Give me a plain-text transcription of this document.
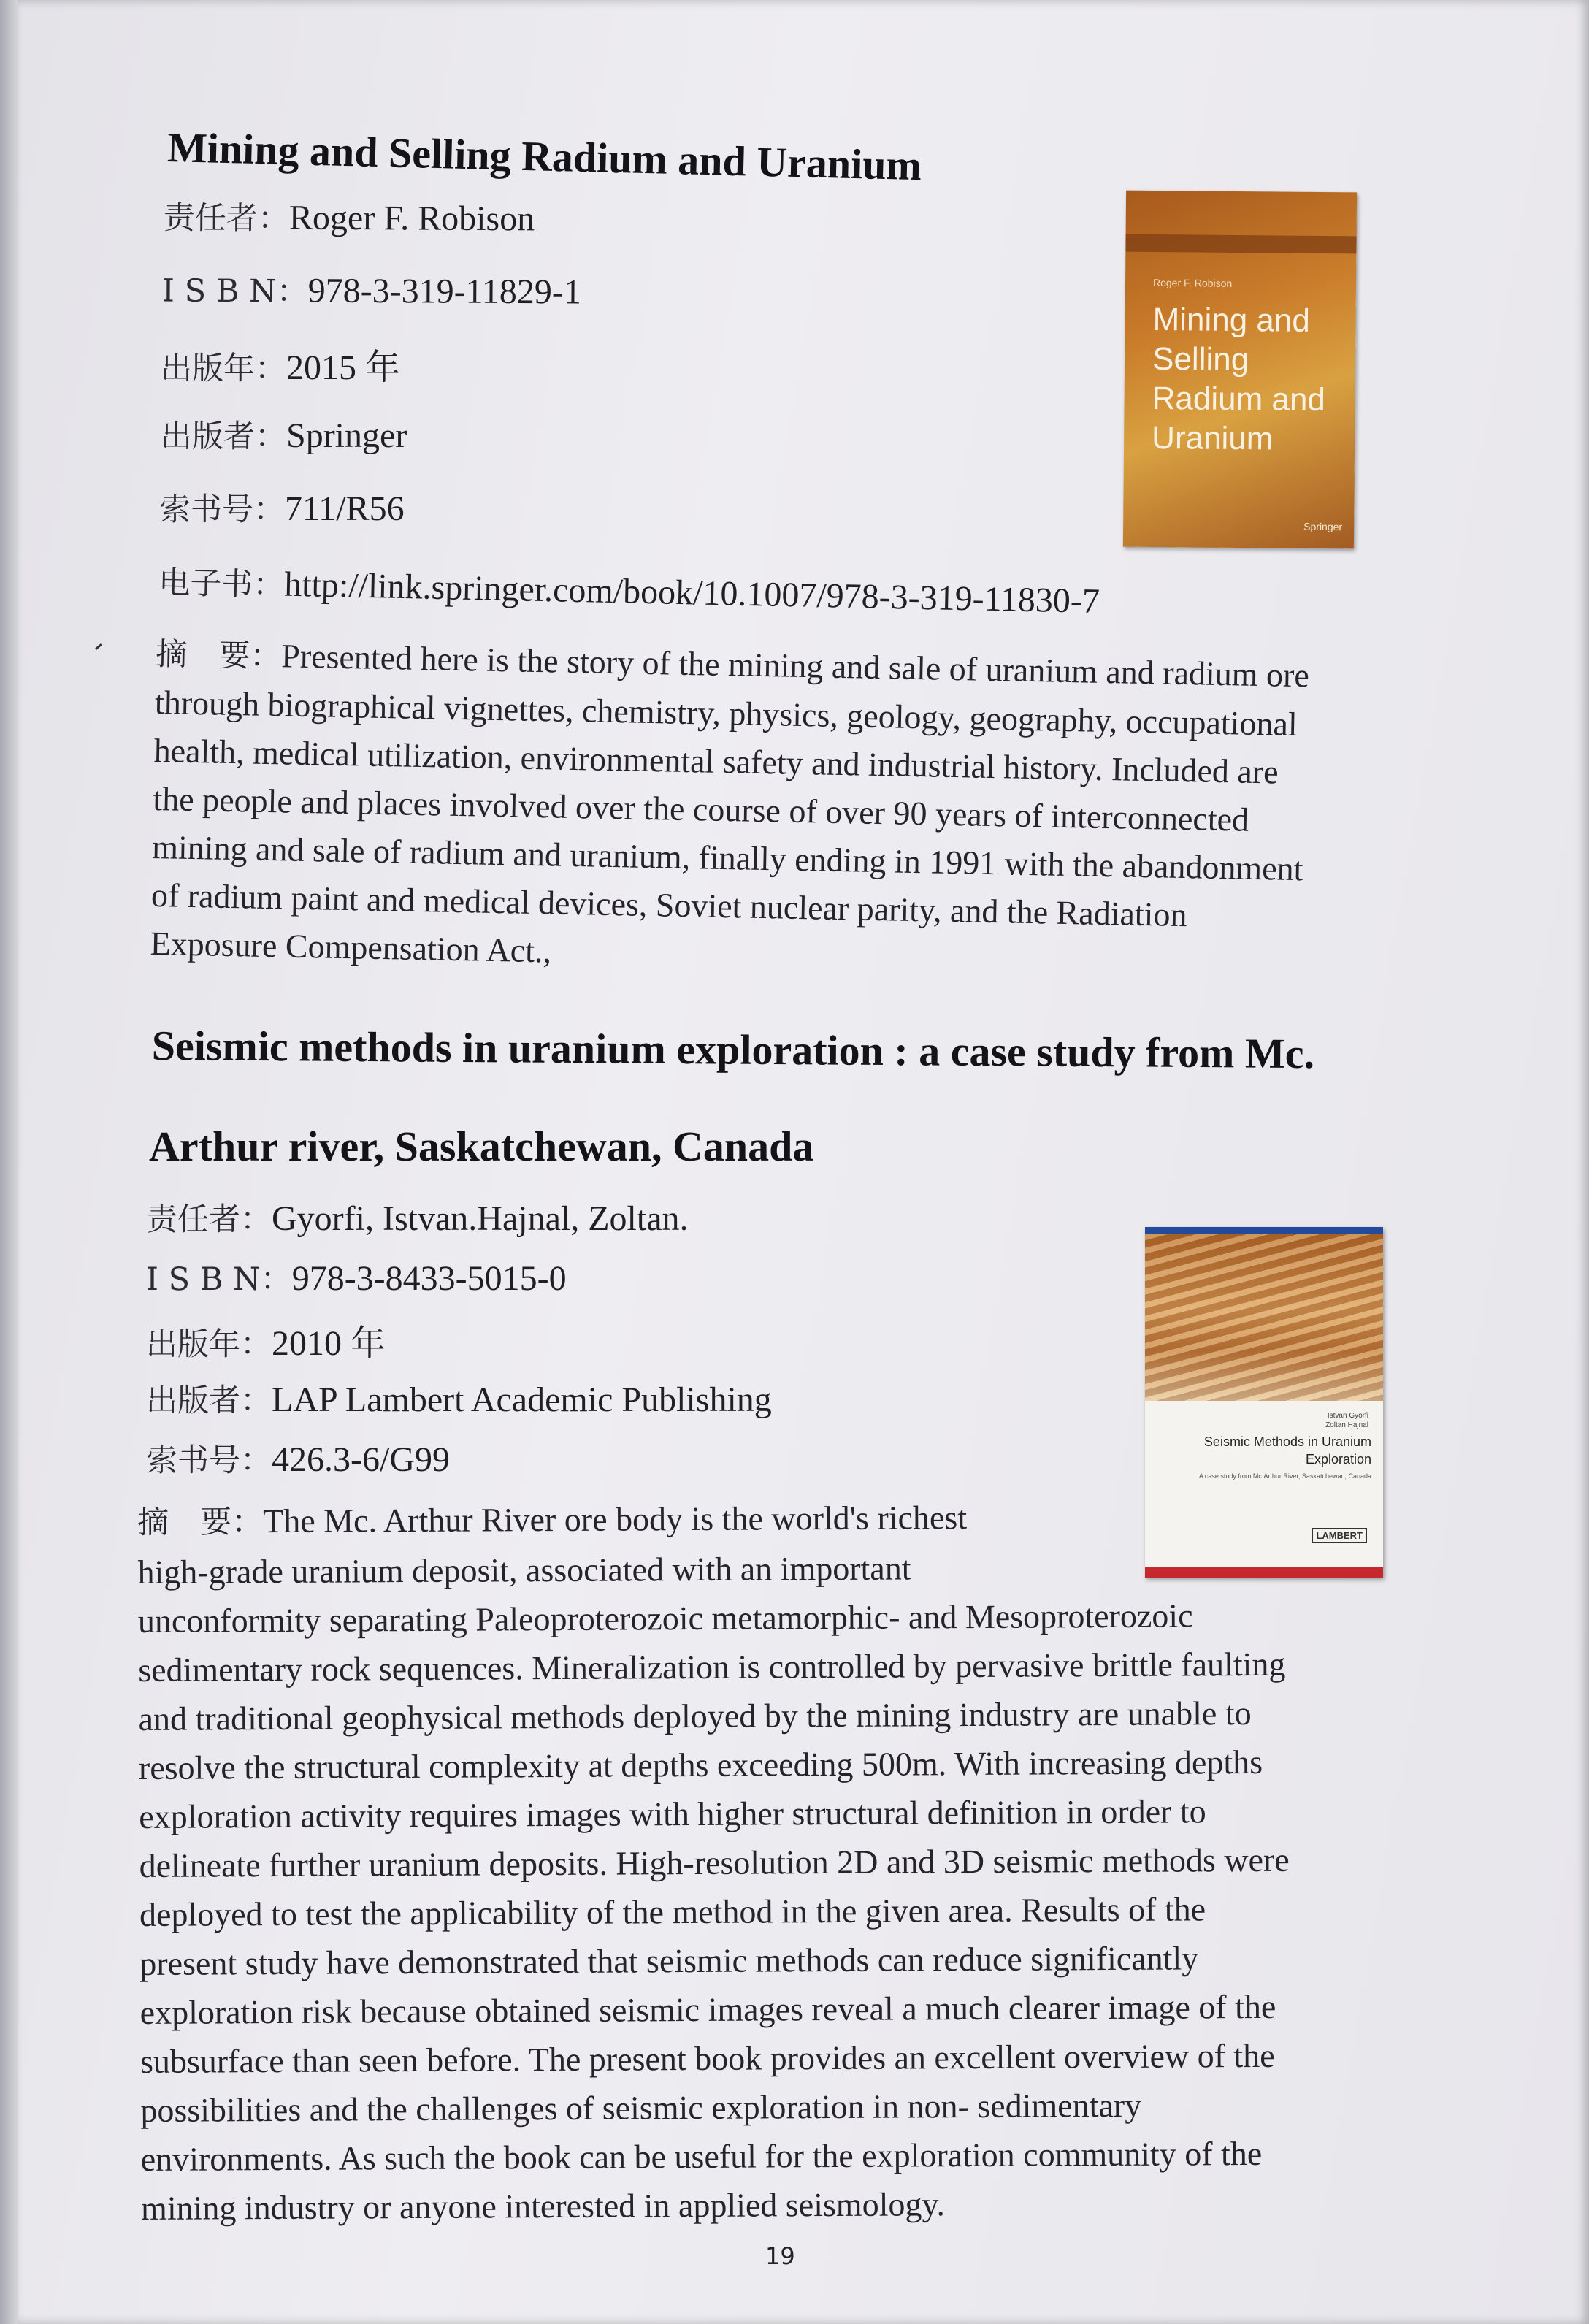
Mining and Selling Radium and Uranium
责任者：Roger F. Robison
I S B N：978-3-319-11829-1
出版年：2015 年
出版者：Springer
索书号：711/R56
电子书：http://link.springer.com/book/10.1007/978-3-319-11830-7
摘　要：Presented here is the story of the mining and sale of uranium and radium ore
through biographical vignettes, chemistry, physics, geology, geography, occupational
health, medical utilization, environmental safety and industrial history. Included are
the people and places involved over the course of over 90 years of interconnected
mining and sale of radium and uranium, finally ending in 1991 with the abandonment
of radium paint and medical devices, Soviet nuclear parity, and the Radiation
Exposure Compensation Act.,
Roger F. Robison
Mining and Selling Radium and Uranium
Springer
Seismic methods in uranium exploration : a case study from Mc.
Arthur river, Saskatchewan, Canada
责任者：Gyorfi, Istvan.Hajnal, Zoltan.
I S B N：978-3-8433-5015-0
出版年：2010 年
出版者：LAP Lambert Academic Publishing
索书号：426.3-6/G99
摘　要：The Mc. Arthur River ore body is the world's richest
high-grade uranium deposit, associated with an important
unconformity separating Paleoproterozoic metamorphic- and Mesoproterozoic
sedimentary rock sequences. Mineralization is controlled by pervasive brittle faulting
and traditional geophysical methods deployed by the mining industry are unable to
resolve the structural complexity at depths exceeding 500m. With increasing depths
exploration activity requires images with higher structural definition in order to
delineate further uranium deposits. High-resolution 2D and 3D seismic methods were
deployed to test the applicability of the method in the given area. Results of the
present study have demonstrated that seismic methods can reduce significantly
exploration risk because obtained seismic images reveal a much clearer image of the
subsurface than seen before. The present book provides an excellent overview of the
possibilities and the challenges of seismic exploration in non- sedimentary
environments. As such the book can be useful for the exploration community of the
mining industry or anyone interested in applied seismology.
Istvan Gyorfi
Zoltan Hajnal
Seismic Methods in Uranium Exploration
A case study from Mc.Arthur River, Saskatchewan, Canada
LAMBERT
19
